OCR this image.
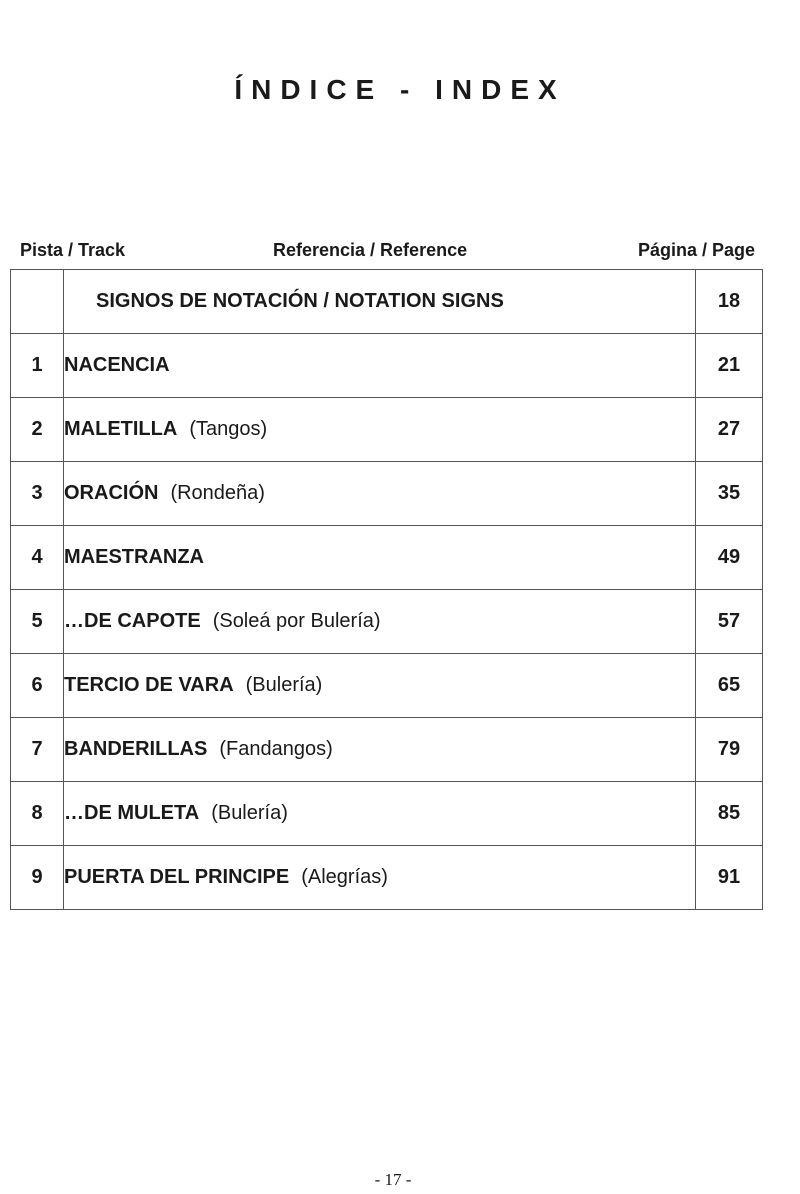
ÍNDICE - INDEX
Pista / Track	Referencia / Reference	Página / Page
	SIGNOS DE NOTACIÓN / NOTATION SIGNS	18
1	NACENCIA	21
2	MALETILLA (Tangos)	27
3	ORACIÓN (Rondeña)	35
4	MAESTRANZA	49
5	…DE CAPOTE (Soleá por Bulería)	57
6	TERCIO DE VARA (Bulería)	65
7	BANDERILLAS (Fandangos)	79
8	…DE MULETA (Bulería)	85
9	PUERTA DEL PRINCIPE (Alegrías)	91
- 17 -
